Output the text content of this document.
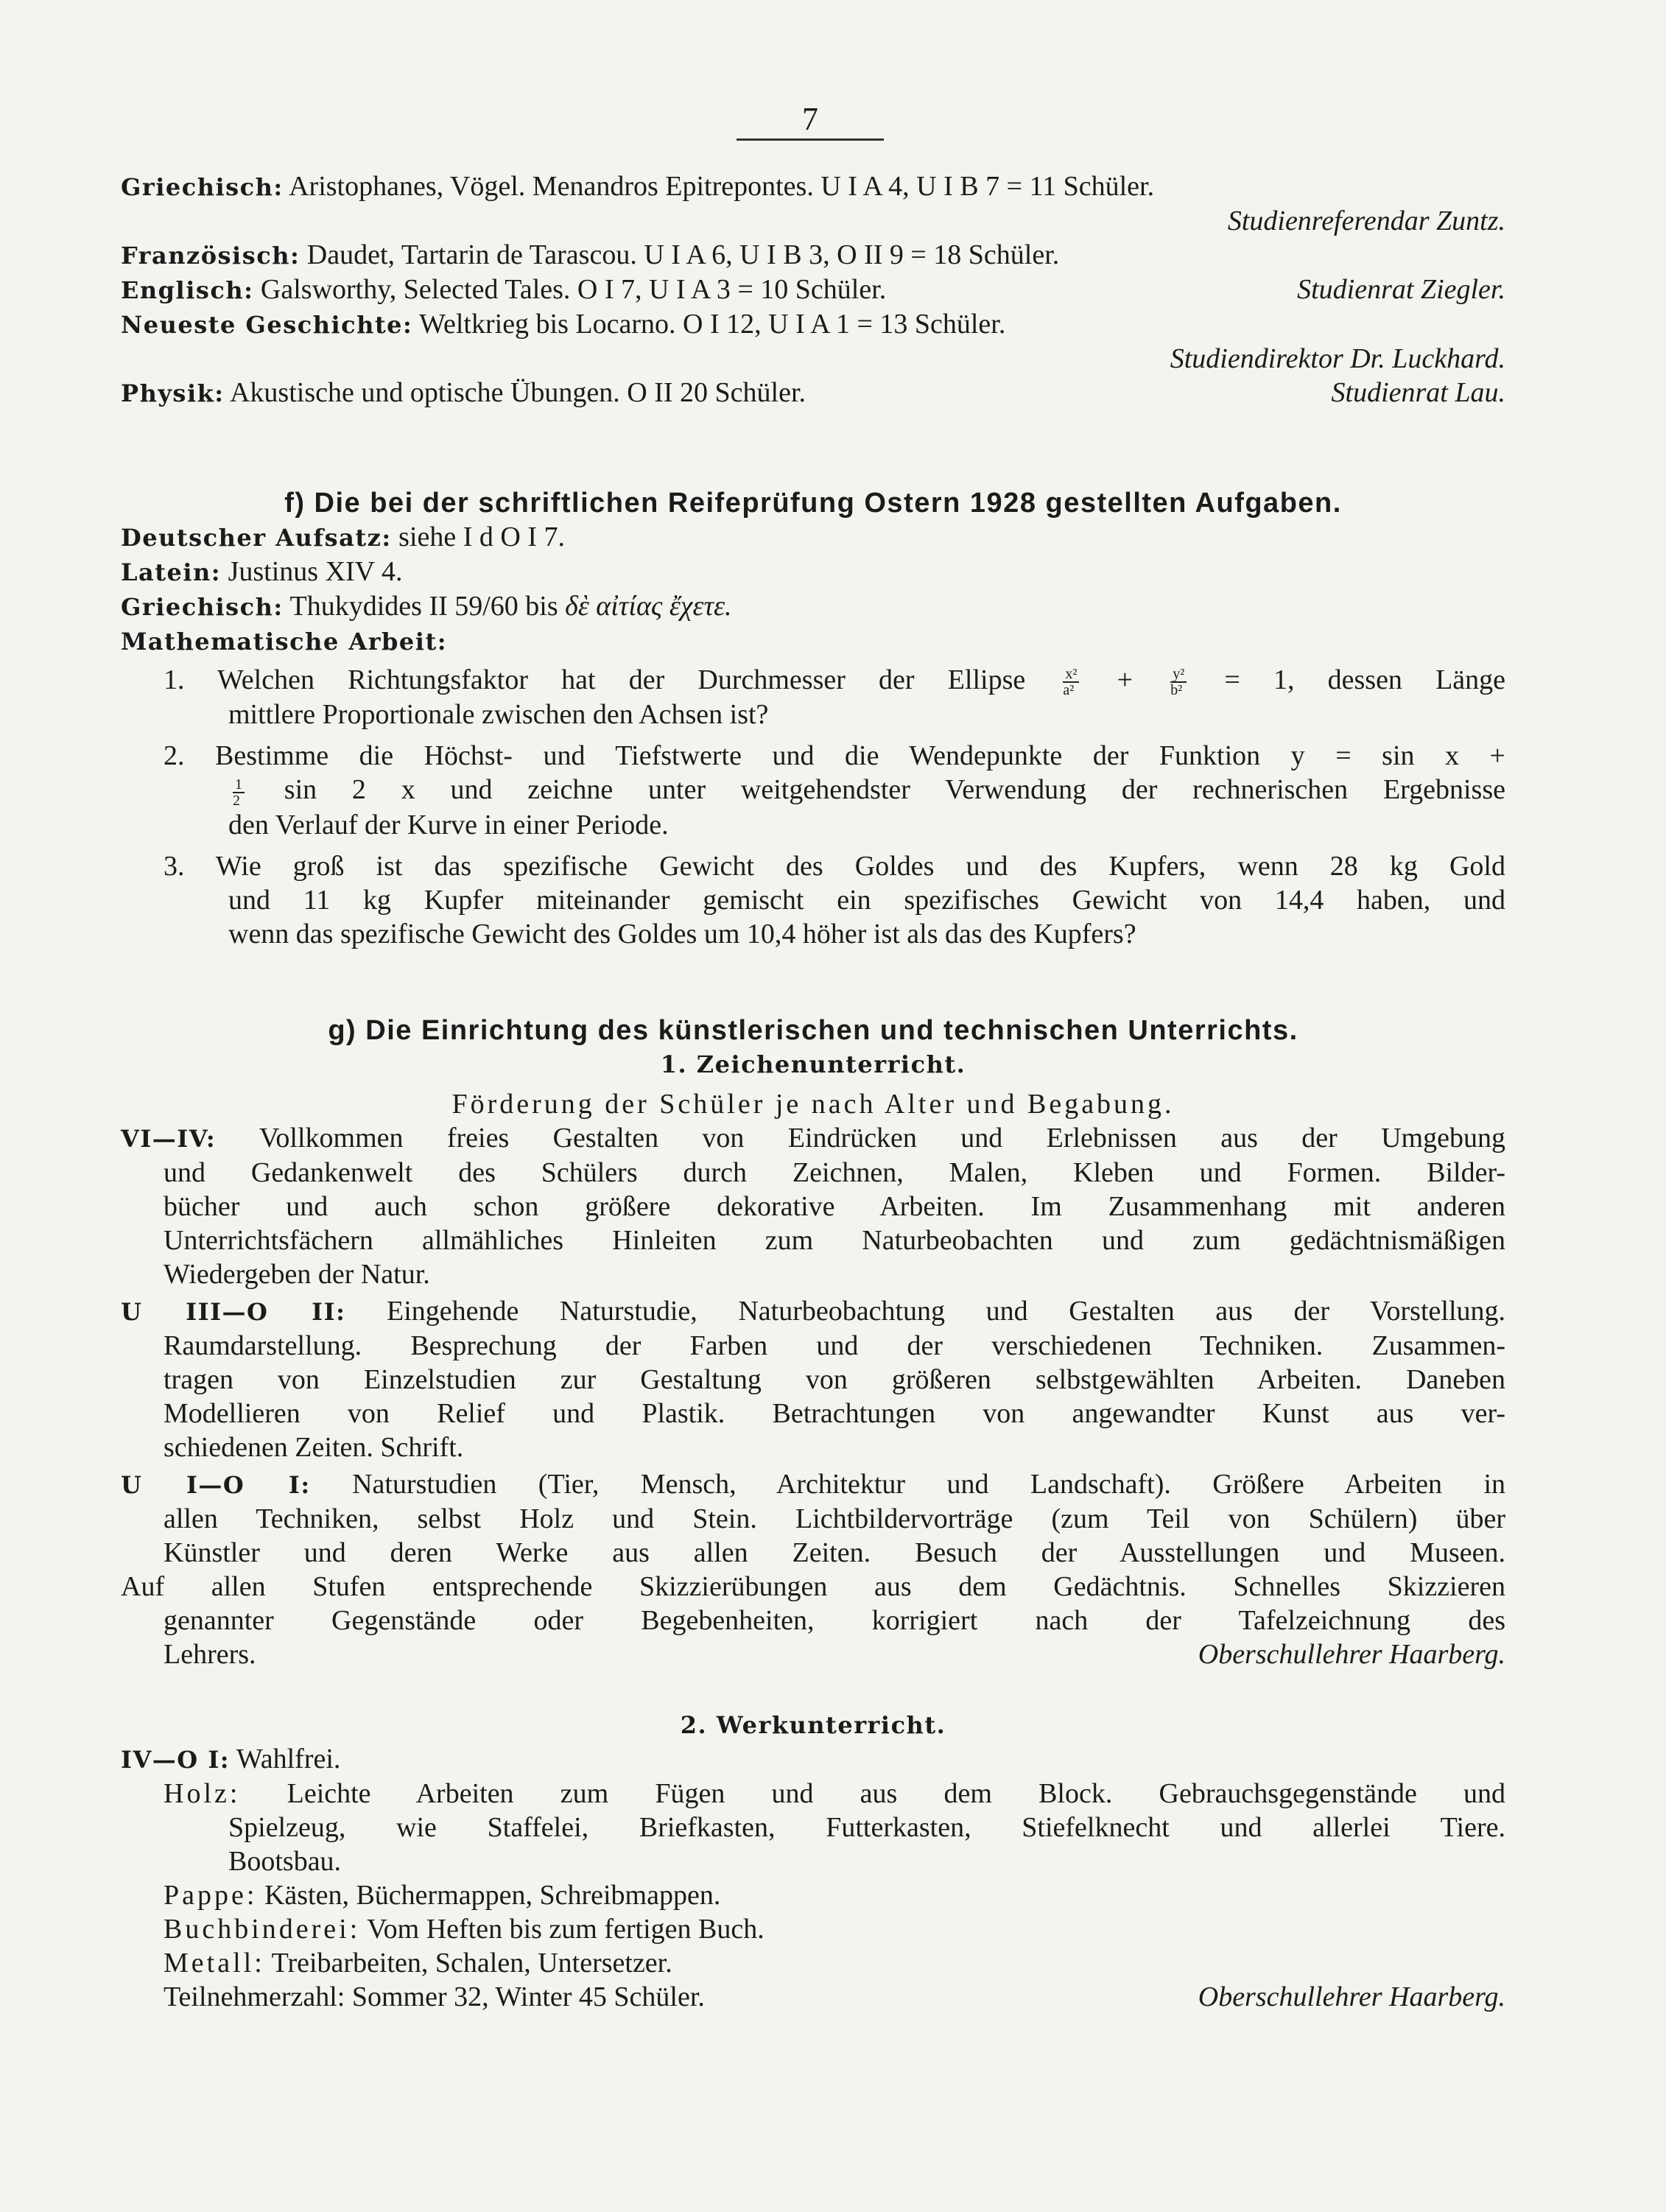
7
Griechisch: Aristophanes, Vögel. Menandros Epitrepontes. U I A 4, U I B 7 = 11 Schüler.
Studienreferendar Zuntz.
Französisch: Daudet, Tartarin de Tarascou. U I A 6, U I B 3, O II 9 = 18 Schüler.
Englisch: Galsworthy, Selected Tales. O I 7, U I A 3 = 10 Schüler.	Studienrat Ziegler.
Neueste Geschichte: Weltkrieg bis Locarno. O I 12, U I A 1 = 13 Schüler.
Studiendirektor Dr. Luckhard.
Physik: Akustische und optische Übungen. O II 20 Schüler.	Studienrat Lau.
f) Die bei der schriftlichen Reifeprüfung Ostern 1928 gestellten Aufgaben.
Deutscher Aufsatz: siehe I d O I 7.
Latein: Justinus XIV 4.
Griechisch: Thukydides II 59/60 bis δὲ αἰτίας ἔχετε.
Mathematische Arbeit:
1. Welchen Richtungsfaktor hat der Durchmesser der Ellipse	$\frac{\text{x²}}{\text{a²}}$ +	$\frac{\text{y²}}{\text{b²}} = 1$, dessen Länge
mittlere Proportionale zwischen den Achsen ist?
2. Bestimme die Höchst- und Tiefstwerte und die Wendepunkte der Funktion y = sin x +
$\frac{1}{2}$ sin 2 x und zeichne unter weitgehendster Verwendung der rechnerischen Ergebnisse
den Verlauf der Kurve in einer Periode.
3. Wie groß ist das spezifische Gewicht des Goldes und des Kupfers, wenn 28 kg Gold
und 11 kg Kupfer miteinander gemischt ein spezifisches Gewicht von 14,4 haben, und
wenn das spezifische Gewicht des Goldes um 10,4 höher ist als das des Kupfers?
g) Die Einrichtung des künstlerischen und technischen Unterrichts.
1. Zeichenunterricht.
Förderung der Schüler je nach Alter und Begabung.
VI—IV: Vollkommen freies Gestalten von Eindrücken und Erlebnissen aus der Umgebung
und Gedankenwelt des Schülers durch Zeichnen, Malen, Kleben und Formen. Bilder-
bücher und auch schon größere dekorative Arbeiten. Im Zusammenhang mit anderen
Unterrichtsfächern allmähliches Hinleiten zum Naturbeobachten und zum gedächtnismäßigen
Wiedergeben der Natur.
U III—O II: Eingehende Naturstudie, Naturbeobachtung und Gestalten aus der Vorstellung.
Raumdarstellung. Besprechung der Farben und der verschiedenen Techniken. Zusammen-
tragen von Einzelstudien zur Gestaltung von größeren selbstgewählten Arbeiten. Daneben
Modellieren von Relief und Plastik. Betrachtungen von angewandter Kunst aus ver-
schiedenen Zeiten. Schrift.
U I—O I: Naturstudien (Tier, Mensch, Architektur und Landschaft). Größere Arbeiten in
allen Techniken, selbst Holz und Stein. Lichtbildervorträge (zum Teil von Schülern) über
Künstler und deren Werke aus allen Zeiten. Besuch der Ausstellungen und Museen.
Auf allen Stufen entsprechende Skizzierübungen aus dem Gedächtnis. Schnelles Skizzieren
genannter Gegenstände oder Begebenheiten, korrigiert nach der Tafelzeichnung des
Lehrers.	Oberschullehrer Haarberg.
2. Werkunterricht.
IV—O I: Wahlfrei.
Holz: Leichte Arbeiten zum Fügen und aus dem Block. Gebrauchsgegenstände und
Spielzeug, wie Staffelei, Briefkasten, Futterkasten, Stiefelknecht und allerlei Tiere.
Bootsbau.
Pappe: Kästen, Büchermappen, Schreibmappen.
Buchbinderei: Vom Heften bis zum fertigen Buch.
Metall: Treibarbeiten, Schalen, Untersetzer.
Teilnehmerzahl: Sommer 32, Winter 45 Schüler.	Oberschullehrer Haarberg.
